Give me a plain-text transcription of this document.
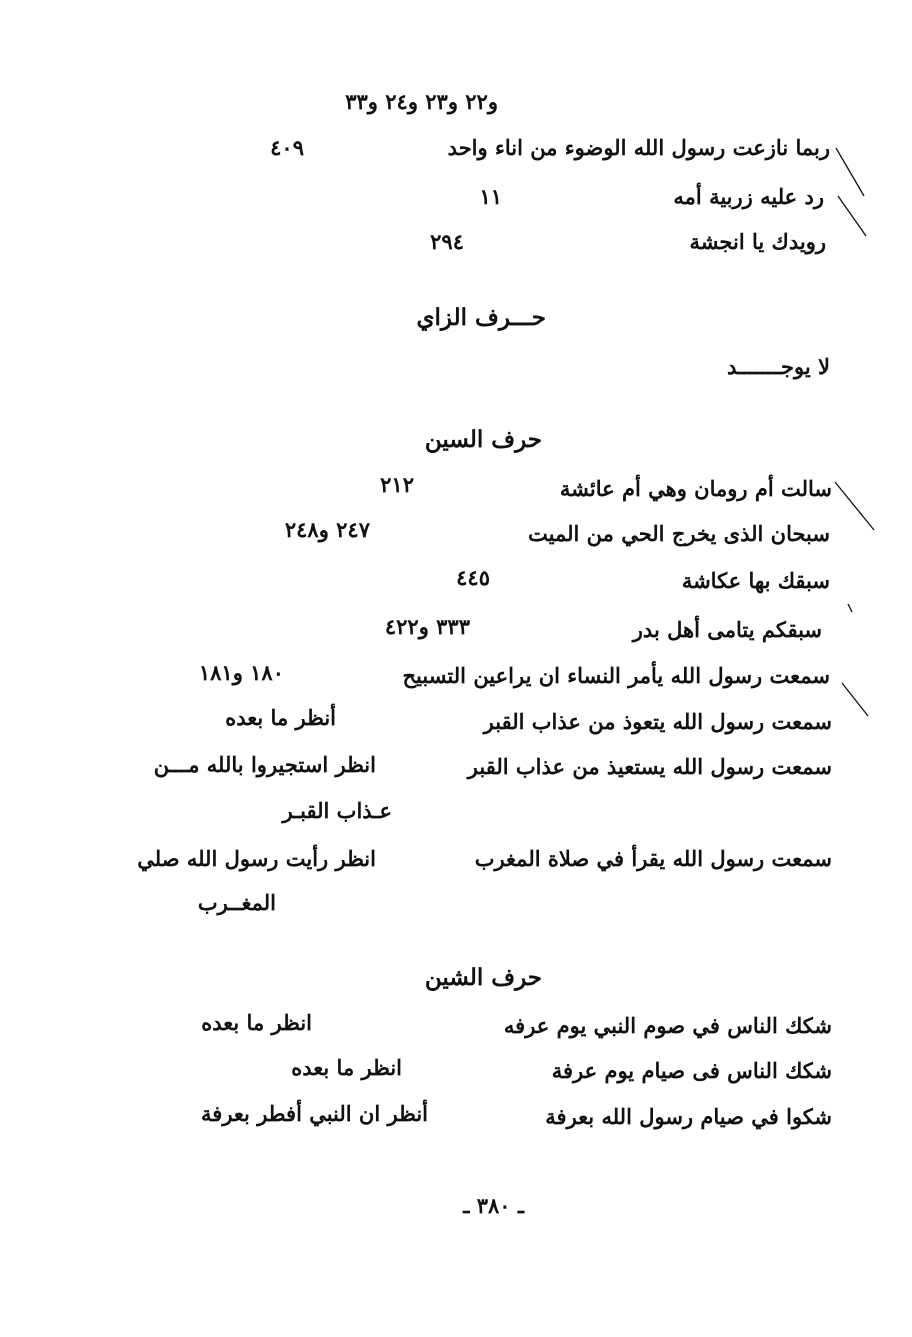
و٢٢ و٢٣ و٢٤ و٣٣
ربما نازعت رسول الله الوضوء من اناء واحد
٤٠٩
رد عليه زربية أمه
١١
رويدك يا انجشة
٢٩٤
حـــرف الزاي
لا يوجـــــــد
حرف السين
سالت أم رومان وهي أم عائشة
٢١٢
سبحان الذى يخرج الحي من الميت
٢٤٧ و٢٤٨
سبقك بها عكاشة
٤٤٥
سبقكم يتامى أهل بدر
٣٣٣ و٤٢٢
سمعت رسول الله يأمر النساء ان يراعين التسبيح
١٨٠ و١٨١
سمعت رسول الله يتعوذ من عذاب القبر
أنظر ما بعده
سمعت رسول الله يستعيذ من عذاب القبر
انظر استجيروا بالله مـــن
عـذاب القبـر
سمعت رسول الله يقرأ في صلاة المغرب
انظر رأيت رسول الله صلي
المغــرب
حرف الشين
شكك الناس في صوم النبي يوم عرفه
انظر ما بعده
شكك الناس فى صيام يوم عرفة
انظر ما بعده
شكوا في صيام رسول الله بعرفة
أنظر ان النبي أفطر بعرفة
ـ ٣٨٠ ـ
